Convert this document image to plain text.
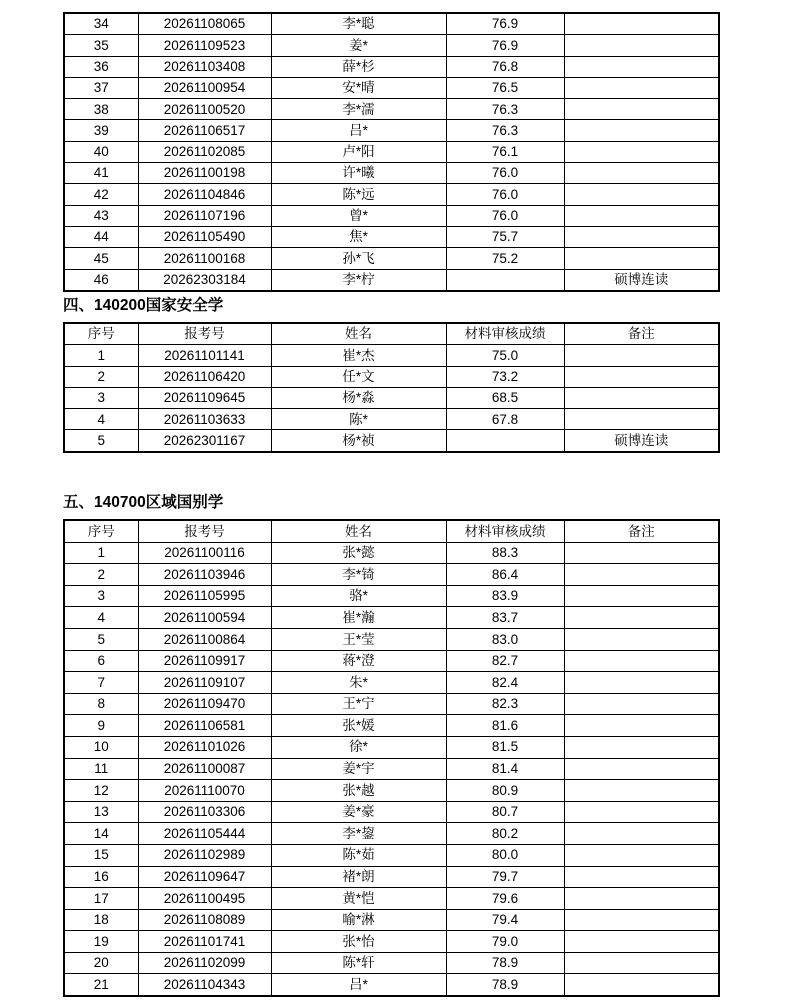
34	20261108065	李*聪	76.9	
35	20261109523	姜*	76.9	
36	20261103408	薛*杉	76.8	
37	20261100954	安*晴	76.5	
38	20261100520	李*濡	76.3	
39	20261106517	吕*	76.3	
40	20261102085	卢*阳	76.1	
41	20261100198	许*曦	76.0	
42	20261104846	陈*远	76.0	
43	20261107196	曾*	76.0	
44	20261105490	焦*	75.7	
45	20261100168	孙*飞	75.2	
46	20262303184	李*柠		硕博连读
四、140200国家安全学
序号	报考号	姓名	材料审核成绩	备注
1	20261101141	崔*杰	75.0	
2	20261106420	任*文	73.2	
3	20261109645	杨*淼	68.5	
4	20261103633	陈*	67.8	
5	20262301167	杨*祯		硕博连读
五、140700区域国别学
序号	报考号	姓名	材料审核成绩	备注
1	20261100116	张*懿	88.3	
2	20261103946	李*锜	86.4	
3	20261105995	骆*	83.9	
4	20261100594	崔*瀚	83.7	
5	20261100864	王*莹	83.0	
6	20261109917	蒋*澄	82.7	
7	20261109107	朱*	82.4	
8	20261109470	王*宁	82.3	
9	20261106581	张*媛	81.6	
10	20261101026	徐*	81.5	
11	20261100087	姜*宇	81.4	
12	20261110070	张*越	80.9	
13	20261103306	姜*豪	80.7	
14	20261105444	李*鋆	80.2	
15	20261102989	陈*茹	80.0	
16	20261109647	褚*朗	79.7	
17	20261100495	黄*恺	79.6	
18	20261108089	喻*淋	79.4	
19	20261101741	张*怡	79.0	
20	20261102099	陈*轩	78.9	
21	20261104343	吕*	78.9	
